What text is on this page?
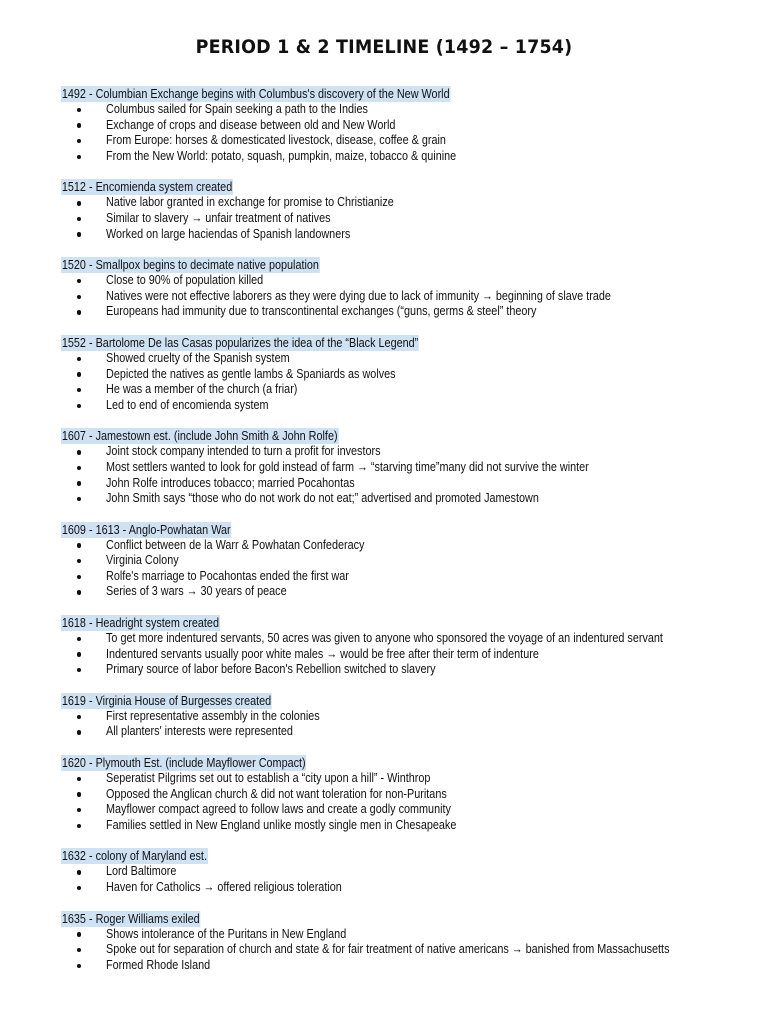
PERIOD 1 & 2 TIMELINE (1492 – 1754)
1492 - Columbian Exchange begins with Columbus's discovery of the New World
Columbus sailed for Spain seeking a path to the Indies
Exchange of crops and disease between old and New World
From Europe: horses & domesticated livestock, disease, coffee & grain
From the New World: potato, squash, pumpkin, maize, tobacco & quinine
1512 - Encomienda system created
Native labor granted in exchange for promise to Christianize
Similar to slavery → unfair treatment of natives
Worked on large haciendas of Spanish landowners
1520 - Smallpox begins to decimate native population
Close to 90% of population killed
Natives were not effective laborers as they were dying due to lack of immunity → beginning of slave trade
Europeans had immunity due to transcontinental exchanges (“guns, germs & steel” theory
1552 - Bartolome De las Casas popularizes the idea of the “Black Legend”
Showed cruelty of the Spanish system
Depicted the natives as gentle lambs & Spaniards as wolves
He was a member of the church (a friar)
Led to end of encomienda system
1607 - Jamestown est. (include John Smith & John Rolfe)
Joint stock company intended to turn a profit for investors
Most settlers wanted to look for gold instead of farm → “starving time”many did not survive the winter
John Rolfe introduces tobacco; married Pocahontas
John Smith says “those who do not work do not eat;” advertised and promoted Jamestown
1609 - 1613 - Anglo-Powhatan War
Conflict between de la Warr & Powhatan Confederacy
Virginia Colony
Rolfe's marriage to Pocahontas ended the first war
Series of 3 wars → 30 years of peace
1618 - Headright system created
To get more indentured servants, 50 acres was given to anyone who sponsored the voyage of an indentured servant
Indentured servants usually poor white males → would be free after their term of indenture
Primary source of labor before Bacon's Rebellion switched to slavery
1619 - Virginia House of Burgesses created
First representative assembly in the colonies
All planters' interests were represented
1620 - Plymouth Est. (include Mayflower Compact)
Seperatist Pilgrims set out to establish a “city upon a hill” - Winthrop
Opposed the Anglican church & did not want toleration for non-Puritans
Mayflower compact agreed to follow laws and create a godly community
Families settled in New England unlike mostly single men in Chesapeake
1632 - colony of Maryland est.
Lord Baltimore
Haven for Catholics → offered religious toleration
1635 - Roger Williams exiled
Shows intolerance of the Puritans in New England
Spoke out for separation of church and state & for fair treatment of native americans → banished from Massachusetts
Formed Rhode Island
